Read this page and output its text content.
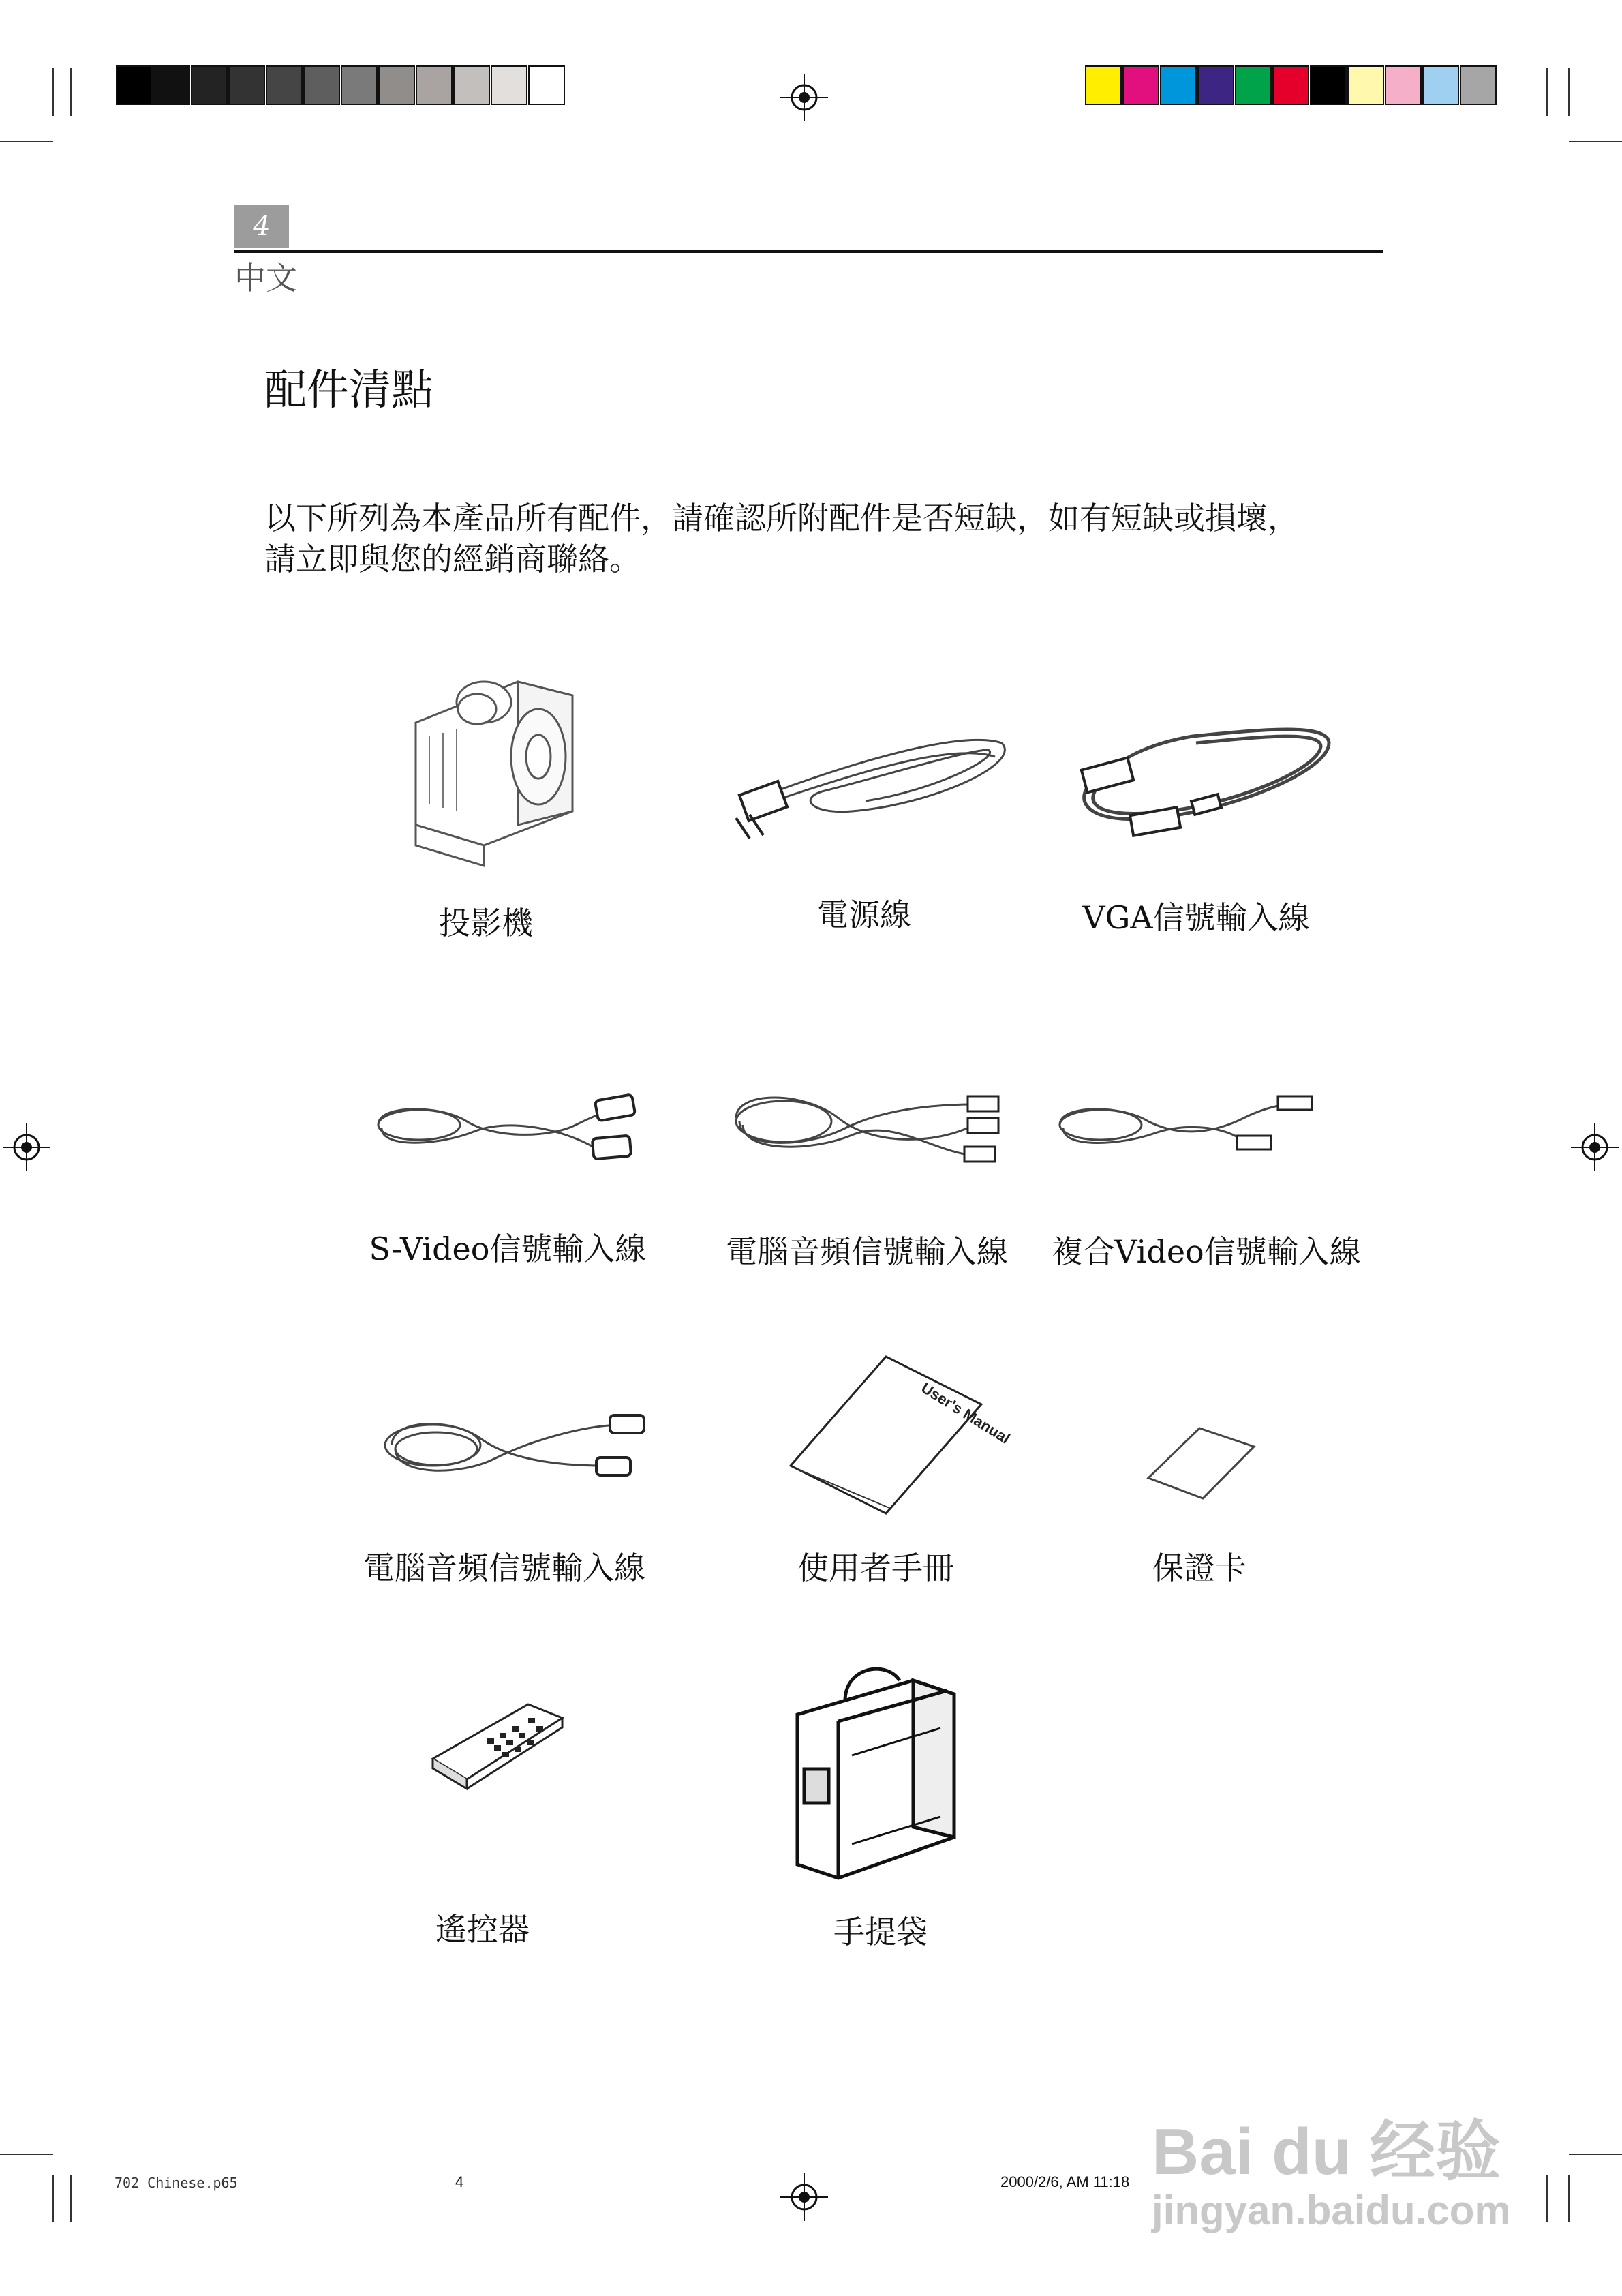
4
中文
配件清點
以下所列為本產品所有配件，請確認所附配件是否短缺，如有短缺或損壞，請立即與您的經銷商聯絡。
投影機	電源線	VGA信號輸入線
S-Video信號輸入線	電腦音頻信號輸入線 複合Video信號輸入線
User's Manual
電腦音頻信號輸入線	使用者手冊	保證卡
遙控器	手提袋
702 Chinese.p65	4	2000/2/6, AM 11:18 Bai du 经验
jingyan.baidu.com
